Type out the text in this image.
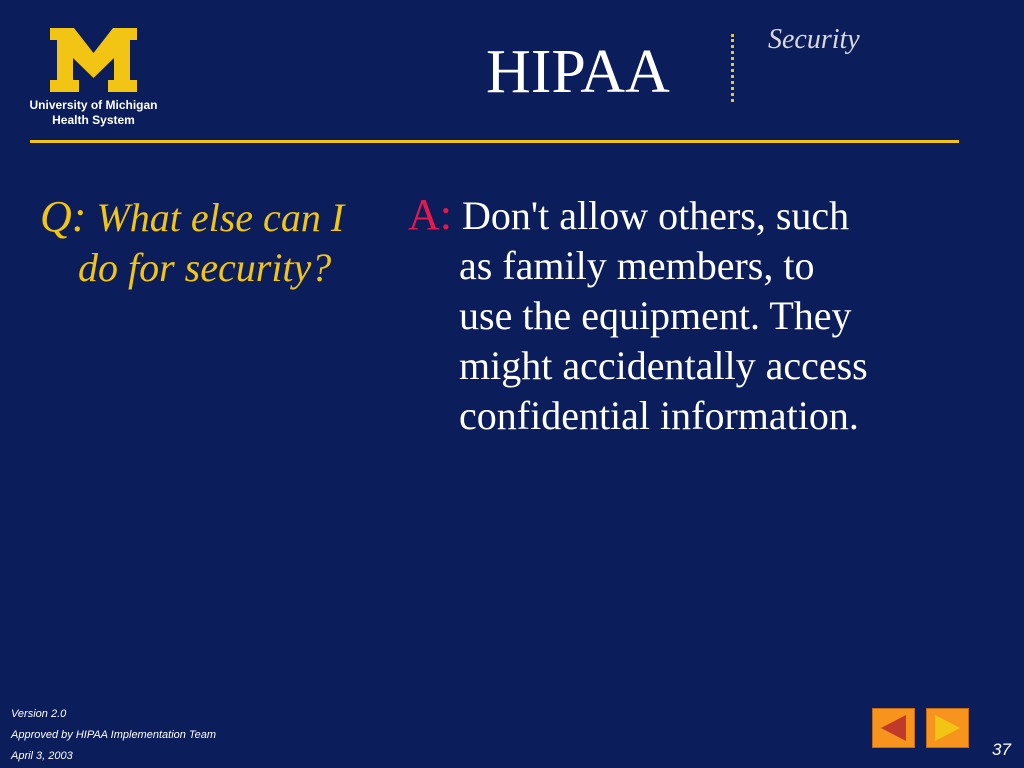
University of Michigan
Health System
HIPAA	Security
Q: What else can I
do for security?
A: Don't allow others, such
as family members, to
use the equipment. They
might accidentally access
confidential information.
Version 2.0
Approved by HIPAA Implementation Team
April 3, 2003	37
